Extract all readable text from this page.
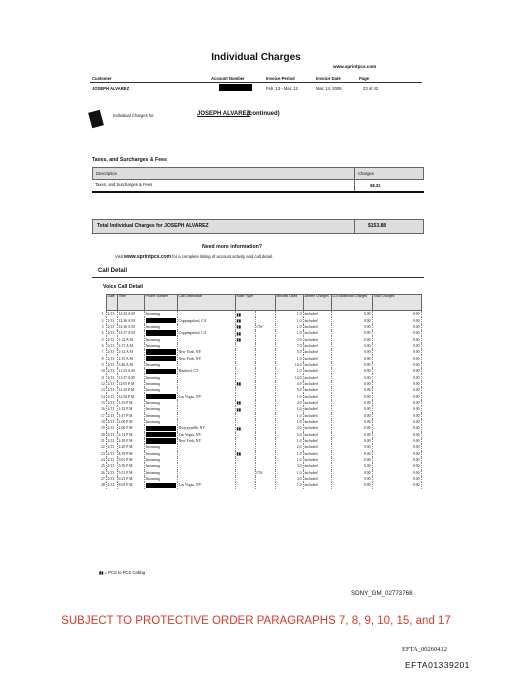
Individual Charges
www.sprintpcs.com
Customer	Account Number	Invoice Period	Invoice Date	Page
JOSEPH ALVAREZ	Feb. 13 - Mar. 12	Mar. 14, 2005	23 of 42
Individual Charges for	JOSEPH ALVAREZ
(continued)
Taxes, and Surcharges & Fees
Description	Charges
Taxes, and Surcharges & Fees	$8.31
Total Individual Charges for JOSEPH ALVAREZ	$153.88
Need more information?
Visit www.sprintpcs.com for a complete listing of account activity and call detail.
Call Detail
Voice Call Detail
	Date	Time	Phone Number	Call Destination	Rate/ Type		Minutes Used	Airtime Charges	LD/ Additional Charges	Total Charges
1	2/13	12:35 A M	Incoming		▮▮		1.0	included	0.00	0.00
2	2/13	12:36 A M		Coppingsford, CA	▮▮		1.0	included	0.00	0.00
3	2/13	12:36 A M	Incoming		▮▮	CW	1.0	included	0.00	0.00
4	2/13	12:37 A M		Coppingsford, CA	▮▮		1.0	included	0.00	0.00
5	2/13	1:12 A M	Incoming		▮▮		3.0	included	0.00	0.00
6	2/13	1:37 A M	Incoming				7.0	included	0.00	0.00
7	2/13	2:12 A M		New York, NY			5.0	included	0.00	0.00
8	2/13	2:15 A M		New York, NY			1.0	included	0.00	0.00
9	2/13	3:46 A M	Incoming				14.0	included	0.00	0.00
10	2/13	11:25 A M		Hartford, CT			1.0	included	0.00	0.00
11	2/13	11:37 A M	Incoming				14.0	included	0.00	0.00
12	2/13	12:05 P M	Incoming		▮▮		4.0	included	0.00	0.00
13	2/13	12:25 P M	Incoming				5.0	included	0.00	0.00
14	2/13	12:58 P M		Las Vegas, NV			1.0	included	0.00	0.00
15	2/13	1:25 P M	Incoming		▮▮		4.0	included	0.00	0.00
16	2/13	1:32 P M	Incoming		▮▮		1.0	included	0.00	0.00
17	2/13	1:47 P M	Incoming				1.0	included	0.00	0.00
18	2/13	2:00 P M	Incoming				1.0	included	0.00	0.00
19	2/13	2:06 P M		Nwjsyyan06, NY	▮▮		4.0	included	0.00	0.00
20	2/13	2:14 P M		Las Vegas, NV			5.0	included	0.00	0.00
21	2/13	2:18 P M		New York, NY			1.0	included	0.00	0.00
22	2/13	2:20 P M	Incoming				2.0	included	0.00	0.00
23	2/13	4:39 P M	Incoming		▮▮		1.0	included	0.00	0.00
24	2/13	5:01 P M	Incoming				1.0	included	0.00	0.00
25	2/13	5:50 P M	Incoming				3.0	included	0.00	0.00
26	2/13	5:51 P M	Incoming			CW	1.0	included	0.00	0.00
27	2/13	6:23 P M	Incoming				3.0	included	0.00	0.00
28	2/13	8:03 P M		Las Vegas, NV			1.0	included	0.00	0.00
▮▮ = PCS to PCS Calling
SDNY_GM_02773768
SUBJECT TO PROTECTIVE ORDER PARAGRAPHS 7, 8, 9, 10, 15, and 17
EFTA_00260412
EFTA01339201
